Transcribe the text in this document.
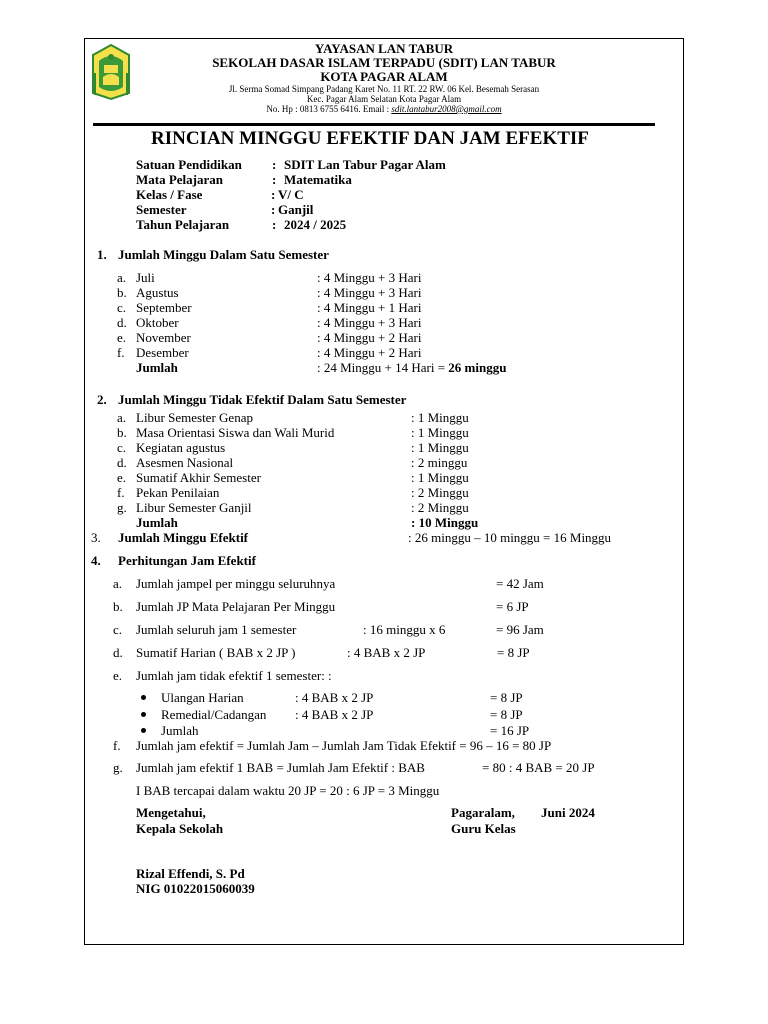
YAYASAN LAN TABUR
SEKOLAH DASAR ISLAM TERPADU (SDIT) LAN TABUR
KOTA PAGAR ALAM
Jl. Serma Somad Simpang Padang Karet No. 11 RT. 22 RW. 06 Kel. Besemah Serasan
Kec. Pagar Alam Selatan Kota Pagar Alam
No. Hp : 0813 6755 6416. Email : sdit.lantabur2008@gmail.com
RINCIAN MINGGU EFEKTIF DAN JAM EFEKTIF
Satuan Pendidikan : SDIT Lan Tabur Pagar Alam
Mata Pelajaran	: Matematika
Kelas / Fase	: V/ C
Semester	: Ganjil
Tahun Pelajaran	: 2024 / 2025
1. Jumlah Minggu Dalam Satu Semester
a. Juli	: 4 Minggu + 3 Hari
b. Agustus	: 4 Minggu + 3 Hari
c. September	: 4 Minggu + 1 Hari
d. Oktober	: 4 Minggu + 3 Hari
e. November	: 4 Minggu + 2 Hari
f. Desember	: 4 Minggu + 2 Hari
Jumlah	: 24 Minggu + 14 Hari = 26 minggu
2. Jumlah Minggu Tidak Efektif Dalam Satu Semester
a. Libur Semester Genap	: 1 Minggu
b. Masa Orientasi Siswa dan Wali Murid	: 1 Minggu
c. Kegiatan agustus	: 1 Minggu
d. Asesmen Nasional	: 2 minggu
e. Sumatif Akhir Semester	: 1 Minggu
f. Pekan Penilaian	: 2 Minggu
g. Libur Semester Ganjil	: 2 Minggu
Jumlah	: 10 Minggu
3. Jumlah Minggu Efektif	: 26 minggu – 10 minggu = 16 Minggu
4. Perhitungan Jam Efektif
a. Jumlah jampel per minggu seluruhnya	= 42 Jam
b. Jumlah JP Mata Pelajaran Per Minggu	= 6 JP
c. Jumlah seluruh jam 1 semester	: 16 minggu x 6	= 96 Jam
d. Sumatif Harian ( BAB x 2 JP )	: 4 BAB x 2 JP	= 8 JP
e. Jumlah jam tidak efektif 1 semester: :
Ulangan Harian	: 4 BAB x 2 JP	= 8 JP
Remedial/Cadangan : 4 BAB x 2 JP	= 8 JP
Jumlah	= 16 JP
f. Jumlah jam efektif = Jumlah Jam – Jumlah Jam Tidak Efektif = 96 – 16 = 80 JP
g. Jumlah jam efektif 1 BAB = Jumlah Jam Efektif : BAB	= 80 : 4 BAB = 20 JP
I BAB tercapai dalam waktu 20 JP = 20 : 6 JP = 3 Minggu
Mengetahui,
Kepala Sekolah
Pagaralam, Juni 2024
Guru Kelas
Rizal Effendi, S. Pd
NIG 01022015060039
